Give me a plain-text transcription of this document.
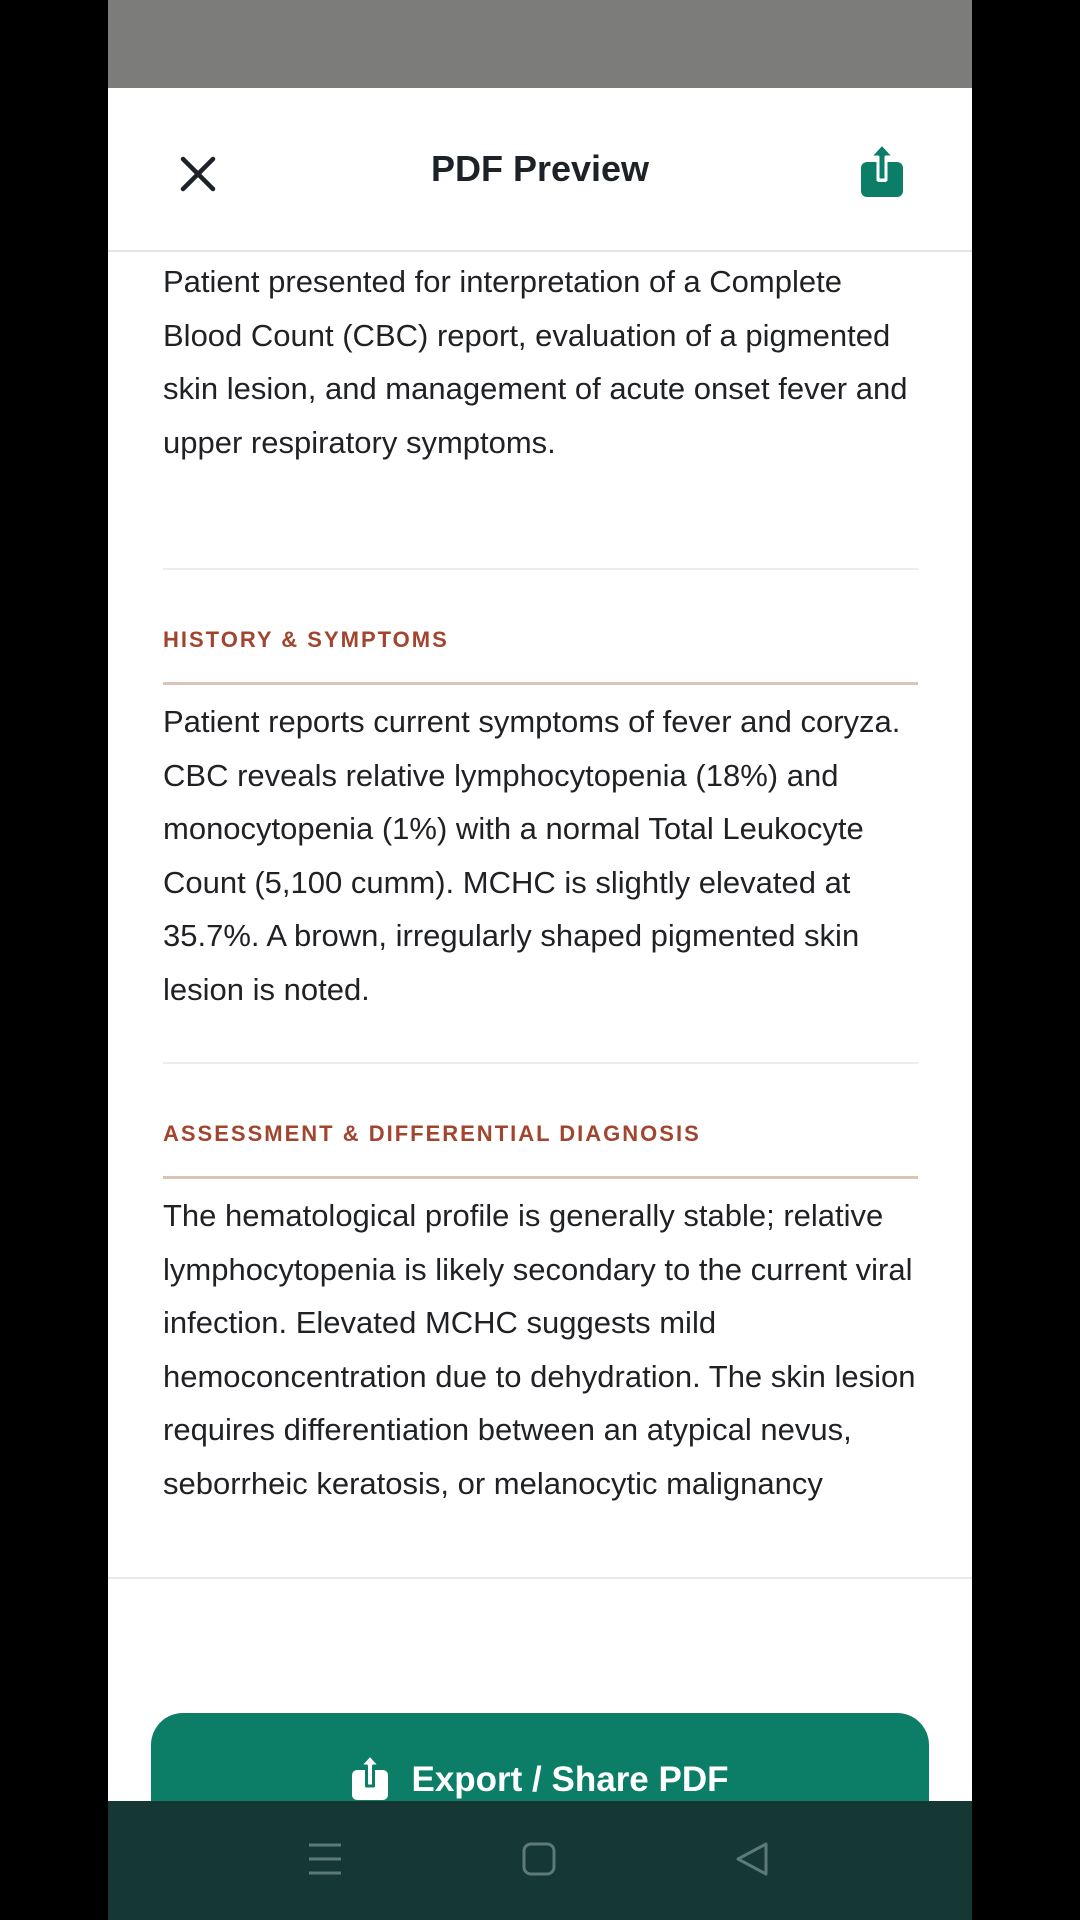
PDF Preview

Patient presented for interpretation of a Complete Blood Count (CBC) report, evaluation of a pigmented skin lesion, and management of acute onset fever and upper respiratory symptoms.

HISTORY & SYMPTOMS

Patient reports current symptoms of fever and coryza. CBC reveals relative lymphocytopenia (18%) and monocytopenia (1%) with a normal Total Leukocyte Count (5,100 cumm). MCHC is slightly elevated at 35.7%. A brown, irregularly shaped pigmented skin lesion is noted.

ASSESSMENT & DIFFERENTIAL DIAGNOSIS

The hematological profile is generally stable; relative lymphocytopenia is likely secondary to the current viral infection. Elevated MCHC suggests mild hemoconcentration due to dehydration. The skin lesion requires differentiation between an atypical nevus, seborrheic keratosis, or melanocytic malignancy

Export / Share PDF
